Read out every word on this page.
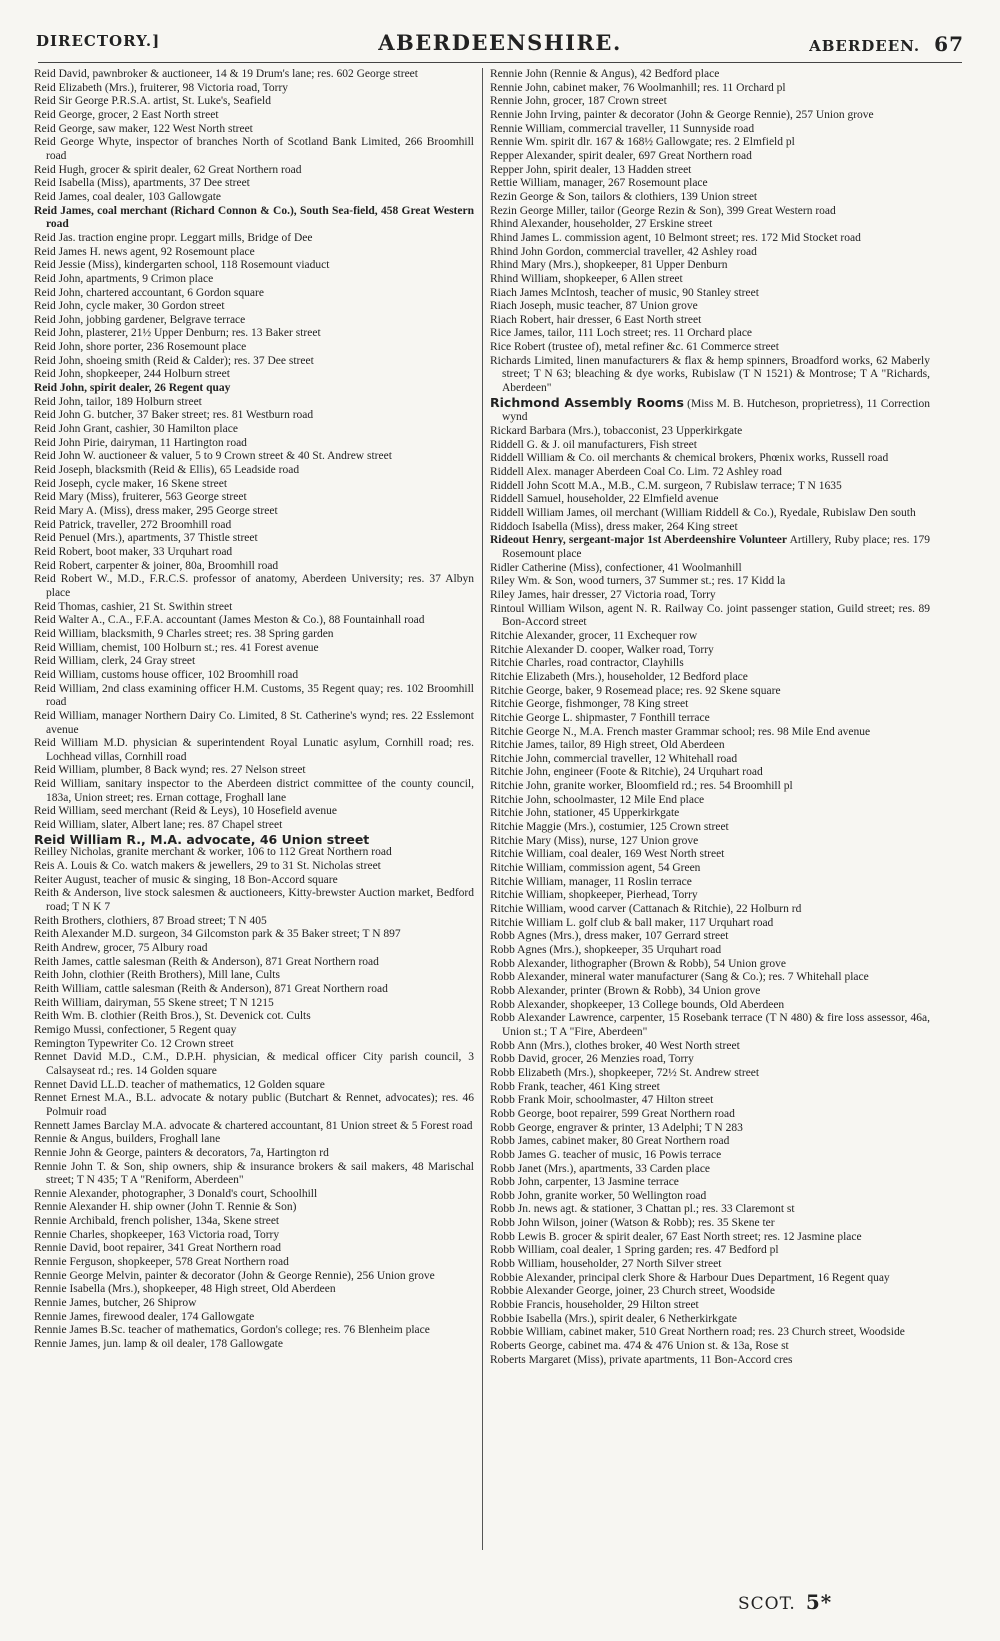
DIRECTORY.]	ABERDEENSHIRE.	ABERDEEN. 67
Reid David, pawnbroker & auctioneer, 14 & 19 Drum's lane; res. 602 George street
Reid Elizabeth (Mrs.), fruiterer, 98 Victoria road, Torry
Reid Sir George P.R.S.A. artist, St. Luke's, Seafield
Reid George, grocer, 2 East North street
Reid George, saw maker, 122 West North street
Reid George Whyte, inspector of branches North of Scotland Bank Limited, 266 Broomhill road
Reid Hugh, grocer & spirit dealer, 62 Great Northern road
Reid Isabella (Miss), apartments, 37 Dee street
Reid James, coal dealer, 103 Gallowgate
Reid James, coal merchant (Richard Connon & Co.), South Sea-field, 458 Great Western road
Reid Jas. traction engine propr. Leggart mills, Bridge of Dee
Reid James H. news agent, 92 Rosemount place
Reid Jessie (Miss), kindergarten school, 118 Rosemount viaduct
Reid John, apartments, 9 Crimon place
Reid John, chartered accountant, 6 Gordon square
Reid John, cycle maker, 30 Gordon street
Reid John, jobbing gardener, Belgrave terrace
Reid John, plasterer, 21½ Upper Denburn; res. 13 Baker street
Reid John, shore porter, 236 Rosemount place
Reid John, shoeing smith (Reid & Calder); res. 37 Dee street
Reid John, shopkeeper, 244 Holburn street
Reid John, spirit dealer, 26 Regent quay
Reid John, tailor, 189 Holburn street
Reid John G. butcher, 37 Baker street; res. 81 Westburn road
Reid John Grant, cashier, 30 Hamilton place
Reid John Pirie, dairyman, 11 Hartington road
Reid John W. auctioneer & valuer, 5 to 9 Crown street & 40 St. Andrew street
Reid Joseph, blacksmith (Reid & Ellis), 65 Leadside road
Reid Joseph, cycle maker, 16 Skene street
Reid Mary (Miss), fruiterer, 563 George street
Reid Mary A. (Miss), dress maker, 295 George street
Reid Patrick, traveller, 272 Broomhill road
Reid Penuel (Mrs.), apartments, 37 Thistle street
Reid Robert, boot maker, 33 Urquhart road
Reid Robert, carpenter & joiner, 80a, Broomhill road
Reid Robert W., M.D., F.R.C.S. professor of anatomy, Aberdeen University; res. 37 Albyn place
Reid Thomas, cashier, 21 St. Swithin street
Reid Walter A., C.A., F.F.A. accountant (James Meston & Co.), 88 Fountainhall road
Reid William, blacksmith, 9 Charles street; res. 38 Spring garden
Reid William, chemist, 100 Holburn st.; res. 41 Forest avenue
Reid William, clerk, 24 Gray street
Reid William, customs house officer, 102 Broomhill road
Reid William, 2nd class examining officer H.M. Customs, 35 Regent quay; res. 102 Broomhill road
Reid William, manager Northern Dairy Co. Limited, 8 St. Catherine's wynd; res. 22 Esslemont avenue
Reid William M.D. physician & superintendent Royal Lunatic asylum, Cornhill road; res. Lochhead villas, Cornhill road
Reid William, plumber, 8 Back wynd; res. 27 Nelson street
Reid William, sanitary inspector to the Aberdeen district committee of the county council, 183a, Union street; res. Ernan cottage, Froghall lane
Reid William, seed merchant (Reid & Leys), 10 Hosefield avenue
Reid William, slater, Albert lane; res. 87 Chapel street
Reid William R., M.A. advocate, 46 Union street
Reilley Nicholas, granite merchant & worker, 106 to 112 Great Northern road
Reis A. Louis & Co. watch makers & jewellers, 29 to 31 St. Nicholas street
Reiter August, teacher of music & singing, 18 Bon-Accord square
Reith & Anderson, live stock salesmen & auctioneers, Kitty-brewster Auction market, Bedford road; T N K 7
Reith Brothers, clothiers, 87 Broad street; T N 405
Reith Alexander M.D. surgeon, 34 Gilcomston park & 35 Baker street; T N 897
Reith Andrew, grocer, 75 Albury road
Reith James, cattle salesman (Reith & Anderson), 871 Great Northern road
Reith John, clothier (Reith Brothers), Mill lane, Cults
Reith William, cattle salesman (Reith & Anderson), 871 Great Northern road
Reith William, dairyman, 55 Skene street; T N 1215
Reith Wm. B. clothier (Reith Bros.), St. Devenick cot. Cults
Remigo Mussi, confectioner, 5 Regent quay
Remington Typewriter Co. 12 Crown street
Rennet David M.D., C.M., D.P.H. physician, & medical officer City parish council, 3 Calsayseat rd.; res. 14 Golden square
Rennet David LL.D. teacher of mathematics, 12 Golden square
Rennet Ernest M.A., B.L. advocate & notary public (Butchart & Rennet, advocates); res. 46 Polmuir road
Rennett James Barclay M.A. advocate & chartered accountant, 81 Union street & 5 Forest road
Rennie & Angus, builders, Froghall lane
Rennie John & George, painters & decorators, 7a, Hartington rd
Rennie John T. & Son, ship owners, ship & insurance brokers & sail makers, 48 Marischal street; T N 435; T A "Reniform, Aberdeen"
Rennie Alexander, photographer, 3 Donald's court, Schoolhill
Rennie Alexander H. ship owner (John T. Rennie & Son)
Rennie Archibald, french polisher, 134a, Skene street
Rennie Charles, shopkeeper, 163 Victoria road, Torry
Rennie David, boot repairer, 341 Great Northern road
Rennie Ferguson, shopkeeper, 578 Great Northern road
Rennie George Melvin, painter & decorator (John & George Rennie), 256 Union grove
Rennie Isabella (Mrs.), shopkeeper, 48 High street, Old Aberdeen
Rennie James, butcher, 26 Shiprow
Rennie James, firewood dealer, 174 Gallowgate
Rennie James B.Sc. teacher of mathematics, Gordon's college; res. 76 Blenheim place
Rennie James, jun. lamp & oil dealer, 178 Gallowgate
Rennie John (Rennie & Angus), 42 Bedford place
Rennie John, cabinet maker, 76 Woolmanhill; res. 11 Orchard pl
Rennie John, grocer, 187 Crown street
Rennie John Irving, painter & decorator (John & George Rennie), 257 Union grove
Rennie William, commercial traveller, 11 Sunnyside road
Rennie Wm. spirit dlr. 167 & 168½ Gallowgate; res. 2 Elmfield pl
Repper Alexander, spirit dealer, 697 Great Northern road
Repper John, spirit dealer, 13 Hadden street
Rettie William, manager, 267 Rosemount place
Rezin George & Son, tailors & clothiers, 139 Union street
Rezin George Miller, tailor (George Rezin & Son), 399 Great Western road
Rhind Alexander, householder, 27 Erskine street
Rhind James L. commission agent, 10 Belmont street; res. 172 Mid Stocket road
Rhind John Gordon, commercial traveller, 42 Ashley road
Rhind Mary (Mrs.), shopkeeper, 81 Upper Denburn
Rhind William, shopkeeper, 6 Allen street
Riach James McIntosh, teacher of music, 90 Stanley street
Riach Joseph, music teacher, 87 Union grove
Riach Robert, hair dresser, 6 East North street
Rice James, tailor, 111 Loch street; res. 11 Orchard place
Rice Robert (trustee of), metal refiner &c. 61 Commerce street
Richards Limited, linen manufacturers & flax & hemp spinners, Broadford works, 62 Maberly street; T N 63; bleaching & dye works, Rubislaw (T N 1521) & Montrose; T A "Richards, Aberdeen"
Richmond Assembly Rooms (Miss M. B. Hutcheson, proprietress), 11 Correction wynd
Rickard Barbara (Mrs.), tobacconist, 23 Upperkirkgate
Riddell G. & J. oil manufacturers, Fish street
Riddell William & Co. oil merchants & chemical brokers, Phœnix works, Russell road
Riddell Alex. manager Aberdeen Coal Co. Lim. 72 Ashley road
Riddell John Scott M.A., M.B., C.M. surgeon, 7 Rubislaw terrace; T N 1635
Riddell Samuel, householder, 22 Elmfield avenue
Riddell William James, oil merchant (William Riddell & Co.), Ryedale, Rubislaw Den south
Riddoch Isabella (Miss), dress maker, 264 King street
Rideout Henry, sergeant-major 1st Aberdeenshire Volunteer Artillery, Ruby place; res. 179 Rosemount place
Ridler Catherine (Miss), confectioner, 41 Woolmanhill
Riley Wm. & Son, wood turners, 37 Summer st.; res. 17 Kidd la
Riley James, hair dresser, 27 Victoria road, Torry
Rintoul William Wilson, agent N. R. Railway Co. joint passenger station, Guild street; res. 89 Bon-Accord street
Ritchie Alexander, grocer, 11 Exchequer row
Ritchie Alexander D. cooper, Walker road, Torry
Ritchie Charles, road contractor, Clayhills
Ritchie Elizabeth (Mrs.), householder, 12 Bedford place
Ritchie George, baker, 9 Rosemead place; res. 92 Skene square
Ritchie George, fishmonger, 78 King street
Ritchie George L. shipmaster, 7 Fonthill terrace
Ritchie George N., M.A. French master Grammar school; res. 98 Mile End avenue
Ritchie James, tailor, 89 High street, Old Aberdeen
Ritchie John, commercial traveller, 12 Whitehall road
Ritchie John, engineer (Foote & Ritchie), 24 Urquhart road
Ritchie John, granite worker, Bloomfield rd.; res. 54 Broomhill pl
Ritchie John, schoolmaster, 12 Mile End place
Ritchie John, stationer, 45 Upperkirkgate
Ritchie Maggie (Mrs.), costumier, 125 Crown street
Ritchie Mary (Miss), nurse, 127 Union grove
Ritchie William, coal dealer, 169 West North street
Ritchie William, commission agent, 54 Green
Ritchie William, manager, 11 Roslin terrace
Ritchie William, shopkeeper, Pierhead, Torry
Ritchie William, wood carver (Cattanach & Ritchie), 22 Holburn rd
Ritchie William L. golf club & ball maker, 117 Urquhart road
Robb Agnes (Mrs.), dress maker, 107 Gerrard street
Robb Agnes (Mrs.), shopkeeper, 35 Urquhart road
Robb Alexander, lithographer (Brown & Robb), 54 Union grove
Robb Alexander, mineral water manufacturer (Sang & Co.); res. 7 Whitehall place
Robb Alexander, printer (Brown & Robb), 34 Union grove
Robb Alexander, shopkeeper, 13 College bounds, Old Aberdeen
Robb Alexander Lawrence, carpenter, 15 Rosebank terrace (T N 480) & fire loss assessor, 46a, Union st.; T A "Fire, Aberdeen"
Robb Ann (Mrs.), clothes broker, 40 West North street
Robb David, grocer, 26 Menzies road, Torry
Robb Elizabeth (Mrs.), shopkeeper, 72½ St. Andrew street
Robb Frank, teacher, 461 King street
Robb Frank Moir, schoolmaster, 47 Hilton street
Robb George, boot repairer, 599 Great Northern road
Robb George, engraver & printer, 13 Adelphi; T N 283
Robb James, cabinet maker, 80 Great Northern road
Robb James G. teacher of music, 16 Powis terrace
Robb Janet (Mrs.), apartments, 33 Carden place
Robb John, carpenter, 13 Jasmine terrace
Robb John, granite worker, 50 Wellington road
Robb Jn. news agt. & stationer, 3 Chattan pl.; res. 33 Claremont st
Robb John Wilson, joiner (Watson & Robb); res. 35 Skene ter
Robb Lewis B. grocer & spirit dealer, 67 East North street; res. 12 Jasmine place
Robb William, coal dealer, 1 Spring garden; res. 47 Bedford pl
Robb William, householder, 27 North Silver street
Robbie Alexander, principal clerk Shore & Harbour Dues Department, 16 Regent quay
Robbie Alexander George, joiner, 23 Church street, Woodside
Robbie Francis, householder, 29 Hilton street
Robbie Isabella (Mrs.), spirit dealer, 6 Netherkirkgate
Robbie William, cabinet maker, 510 Great Northern road; res. 23 Church street, Woodside
Roberts George, cabinet ma. 474 & 476 Union st. & 13a, Rose st
Roberts Margaret (Miss), private apartments, 11 Bon-Accord cres
SCOT. 5*
